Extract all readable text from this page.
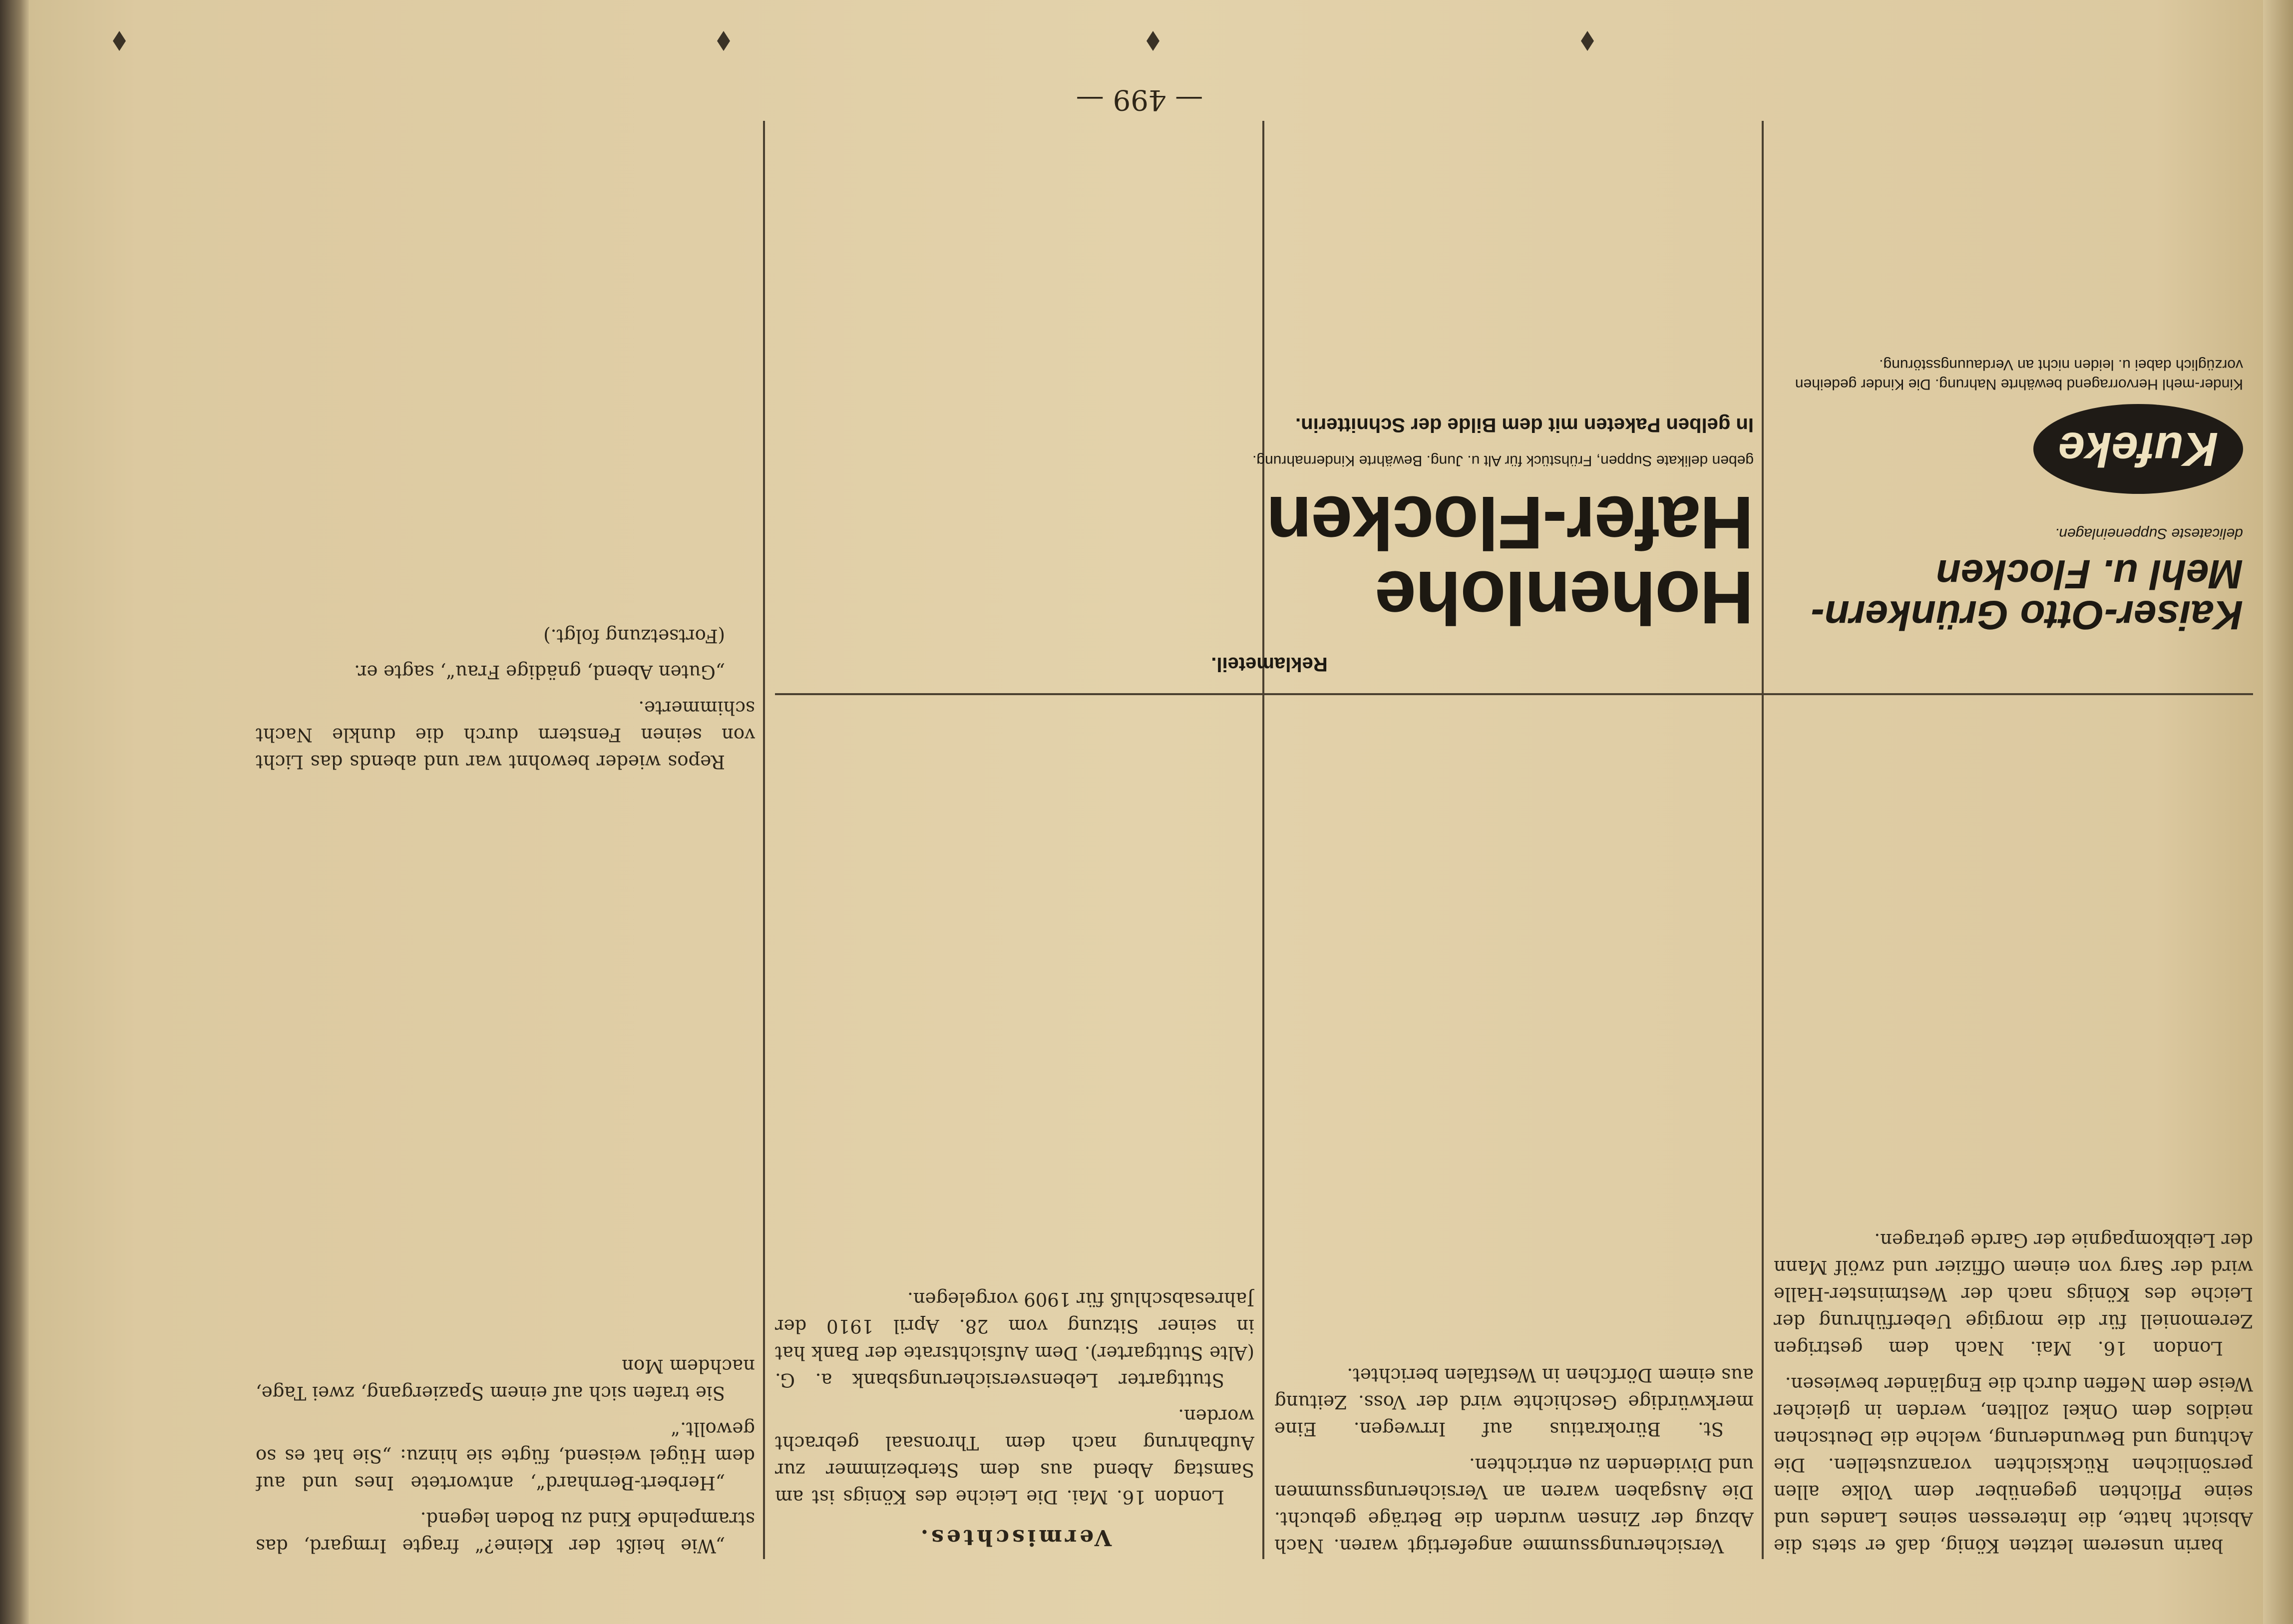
— 499 —

barin unserem letzten König, daß er stets die Absicht hatte, die Interessen seines Landes und seine Pflichten gegenüber dem Volke allen persönlichen Rücksichten voranzustellen. Die Achtung und Bewunderung, welche die Deutschen neidlos dem Onkel zollten, werden in gleicher Weise dem Neffen durch die Engländer bewiesen.

London 16. Mai. Nach dem gestrigen Zeremoniell für die morgige Ueberführung der Leiche des Königs nach der Westminster-Halle wird der Sarg von einem Offizier und zwölf Mann der Leibkompagnie der Garde getragen.

Versicherungssumme angefertigt waren. Nach Abzug der Zinsen wurden die Beträge gebucht. Die Ausgaben waren an Versicherungssummen und Dividenden zu entrichten.

St. Bürokratius auf Irrwegen. Eine merkwürdige Geschichte wird der Voss. Zeitung aus einem Dörfchen in Westfalen berichtet.

Vermischtes.

London 16. Mai. Die Leiche des Königs ist am Samstag Abend aus dem Sterbezimmer zur Aufbahrung nach dem Thronsaal gebracht worden.

Stuttgarter Lebensversicherungsbank a. G. (Alte Stuttgarter). Dem Aufsichtsrate der Bank hat in seiner Sitzung vom 28. April 1910 der Jahresabschluß für 1909 vorgelegen.

„Wie heißt der Kleine?“ fragte Irmgard, das strampelnde Kind zu Boden legend.

„Herbert-Bernhard“, antwortete Ines und auf dem Hügel weisend, fügte sie hinzu: „Sie hat es so gewollt.“

Sie trafen sich auf einem Spaziergang, zwei Tage, nachdem Mon

Repos wieder bewohnt war und abends das Licht von seinen Fenstern durch die dunkle Nacht schimmerte.

„Guten Abend, gnädige Frau“, sagte er.

(Fortsetzung folgt.)

Reklameteil.
Hohenlohe Hafer-Flocken
geben delikate Suppen, Frühstück für Alt u. Jung. Bewährte Kindernahrung.
In gelben Paketen mit dem Bilde der Schnitterin.
Kaiser-Otto Grünkern-Mehl u. Flocken
delicateste Suppeneinlagen.
Kufeke
Kinder-mehl Hervorragend bewährte Nahrung. Die Kinder gedeihen vorzüglich dabei u. leiden nicht an Verdauungsstörung.
